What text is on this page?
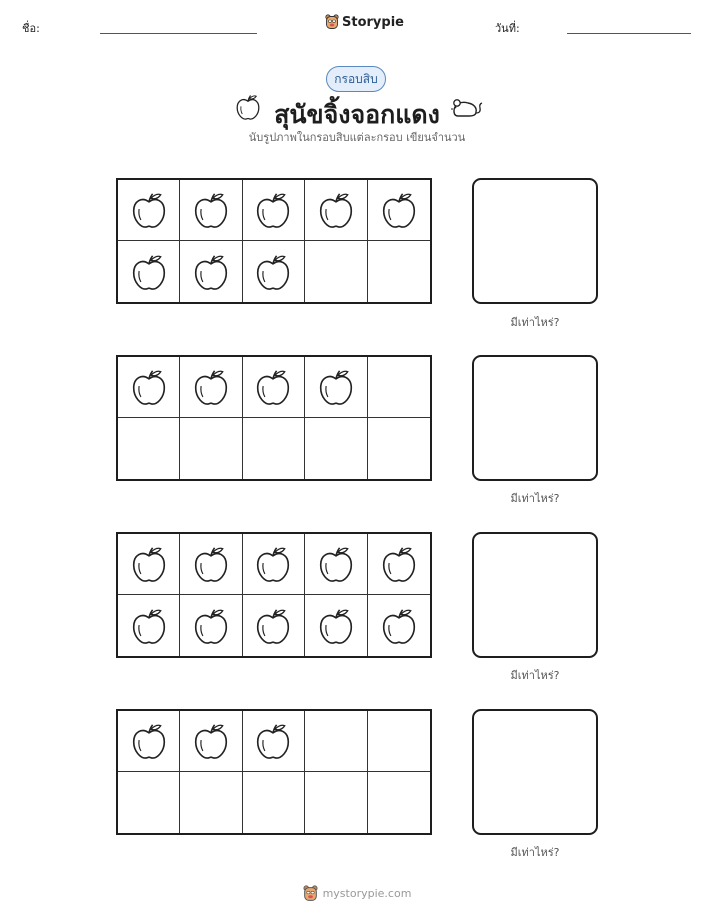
ชื่อ:	Storypie	วันที่:
กรอบสิบ
สุนัขจิ้งจอกแดง
นับรูปภาพในกรอบสิบแต่ละกรอบ เขียนจำนวน
มีเท่าไหร่?
มีเท่าไหร่?
มีเท่าไหร่?
มีเท่าไหร่?
mystorypie.com
